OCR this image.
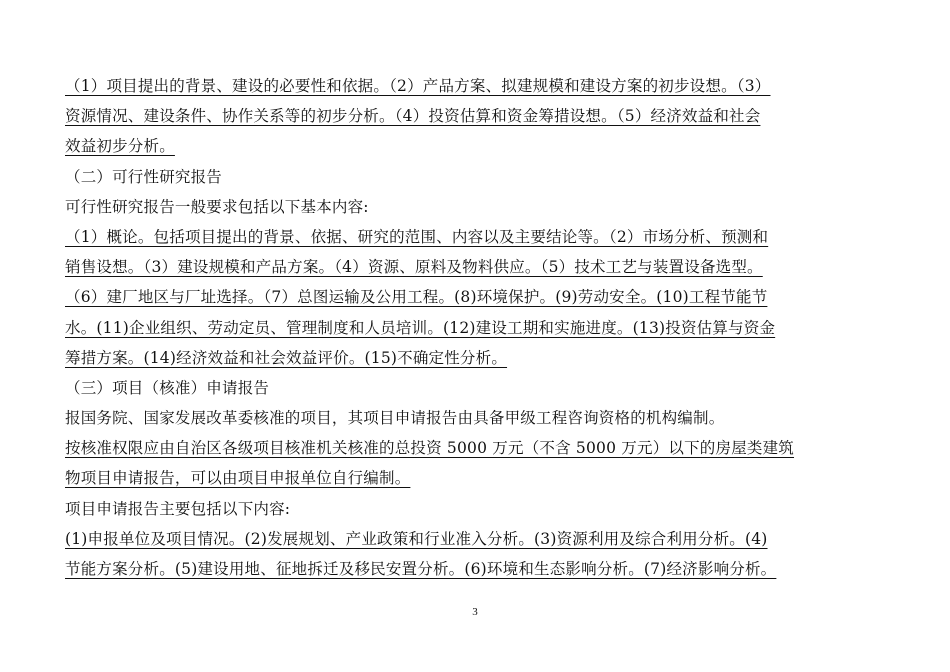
（1）项目提出的背景、建设的必要性和依据。（2）产品方案、拟建规模和建设方案的初步设想。（3）
资源情况、建设条件、协作关系等的初步分析。（4）投资估算和资金筹措设想。（5）经济效益和社会
效益初步分析。
（二）可行性研究报告
可行性研究报告一般要求包括以下基本内容:
（1）概论。包括项目提出的背景、依据、研究的范围、内容以及主要结论等。（2）市场分析、预测和
销售设想。（3）建设规模和产品方案。（4）资源、原料及物料供应。（5）技术工艺与装置设备选型。
（6）建厂地区与厂址选择。（7）总图运输及公用工程。(8)环境保护。(9)劳动安全。(10)工程节能节
水。(11)企业组织、劳动定员、管理制度和人员培训。(12)建设工期和实施进度。(13)投资估算与资金
筹措方案。(14)经济效益和社会效益评价。(15)不确定性分析。
（三）项目（核准）申请报告
报国务院、国家发展改革委核准的项目，其项目申请报告由具备甲级工程咨询资格的机构编制。
按核准权限应由自治区各级项目核准机关核准的总投资 5000 万元（不含 5000 万元）以下的房屋类建筑
物项目申请报告，可以由项目申报单位自行编制。
项目申请报告主要包括以下内容:
(1)申报单位及项目情况。(2)发展规划、产业政策和行业准入分析。(3)资源利用及综合利用分析。(4)
节能方案分析。(5)建设用地、征地拆迁及移民安置分析。(6)环境和生态影响分析。(7)经济影响分析。
3
